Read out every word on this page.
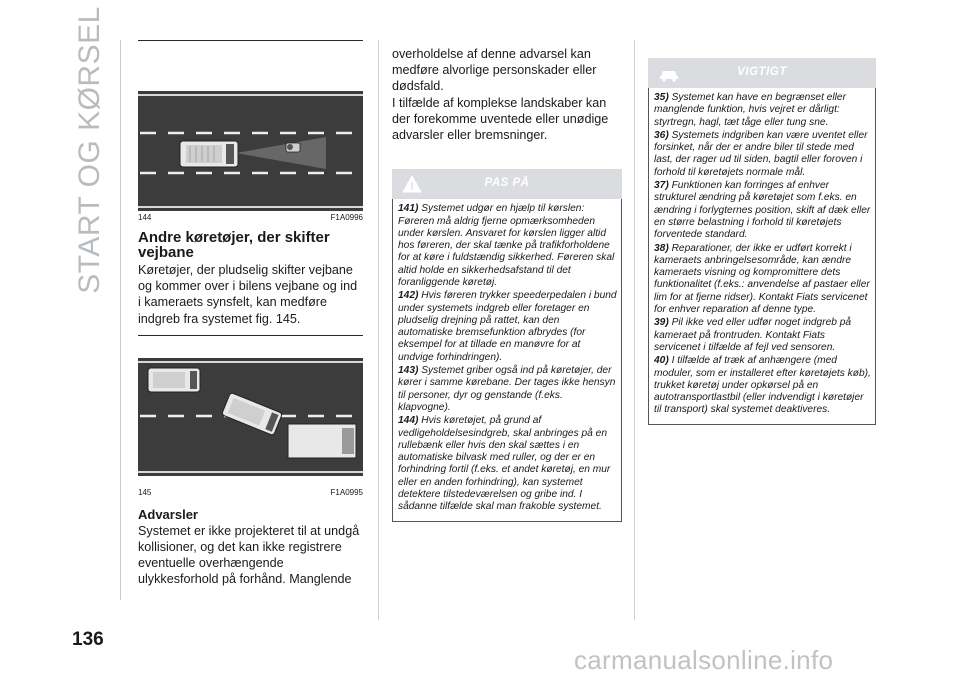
START OG KØRSEL
136
144	F1A0996
Andre køretøjer, der skifter vejbane

Køretøjer, der pludselig skifter vejbane og kommer over i bilens vejbane og ind i kameraets synsfelt, kan medføre indgreb fra systemet fig. 145.

145	F1A0995
Advarsler

Systemet er ikke projekteret til at undgå kollisioner, og det kan ikke registrere eventuelle overhængende ulykkesforhold på forhånd. Manglende

overholdelse af denne advarsel kan medføre alvorlige personskader eller dødsfald.

I tilfælde af komplekse landskaber kan der forekomme uventede eller unødige advarsler eller bremsninger.

!	PAS PÅ

141) Systemet udgør en hjælp til kørslen: Føreren må aldrig fjerne opmærksomheden under kørslen. Ansvaret for kørslen ligger altid hos føreren, der skal tænke på trafikforholdene for at køre i fuldstændig sikkerhed. Føreren skal altid holde en sikkerhedsafstand til det foranliggende køretøj.

142) Hvis føreren trykker speederpedalen i bund under systemets indgreb eller foretager en pludselig drejning på rattet, kan den automatiske bremsefunktion afbrydes (for eksempel for at tillade en manøvre for at undvige forhindringen).

143) Systemet griber også ind på køretøjer, der kører i samme kørebane. Der tages ikke hensyn til personer, dyr og genstande (f.eks. klapvogne).

144) Hvis køretøjet, på grund af vedligeholdelsesindgreb, skal anbringes på en rullebænk eller hvis den skal sættes i en automatiske bilvask med ruller, og der er en forhindring fortil (f.eks. et andet køretøj, en mur eller en anden forhindring), kan systemet detektere tilstedeværelsen og gribe ind. I sådanne tilfælde skal man frakoble systemet.

VIGTIGT

35) Systemet kan have en begrænset eller manglende funktion, hvis vejret er dårligt: styrtregn, hagl, tæt tåge eller tung sne.

36) Systemets indgriben kan være uventet eller forsinket, når der er andre biler til stede med last, der rager ud til siden, bagtil eller foroven i forhold til køretøjets normale mål.

37) Funktionen kan forringes af enhver strukturel ændring på køretøjet som f.eks. en ændring i forlygternes position, skift af dæk eller en større belastning i forhold til køretøjets forventede standard.

38) Reparationer, der ikke er udført korrekt i kameraets anbringelsesområde, kan ændre kameraets visning og kompromittere dets funktionalitet (f.eks.: anvendelse af pastaer eller lim for at fjerne ridser). Kontakt Fiats servicenet for enhver reparation af denne type.

39) Pil ikke ved eller udfør noget indgreb på kameraet på frontruden. Kontakt Fiats servicenet i tilfælde af fejl ved sensoren.

40) I tilfælde af træk af anhængere (med moduler, som er installeret efter køretøjets køb), trukket køretøj under opkørsel på en autotransportlastbil (eller indvendigt i køretøjer til transport) skal systemet deaktiveres.

carmanualsonline.info
